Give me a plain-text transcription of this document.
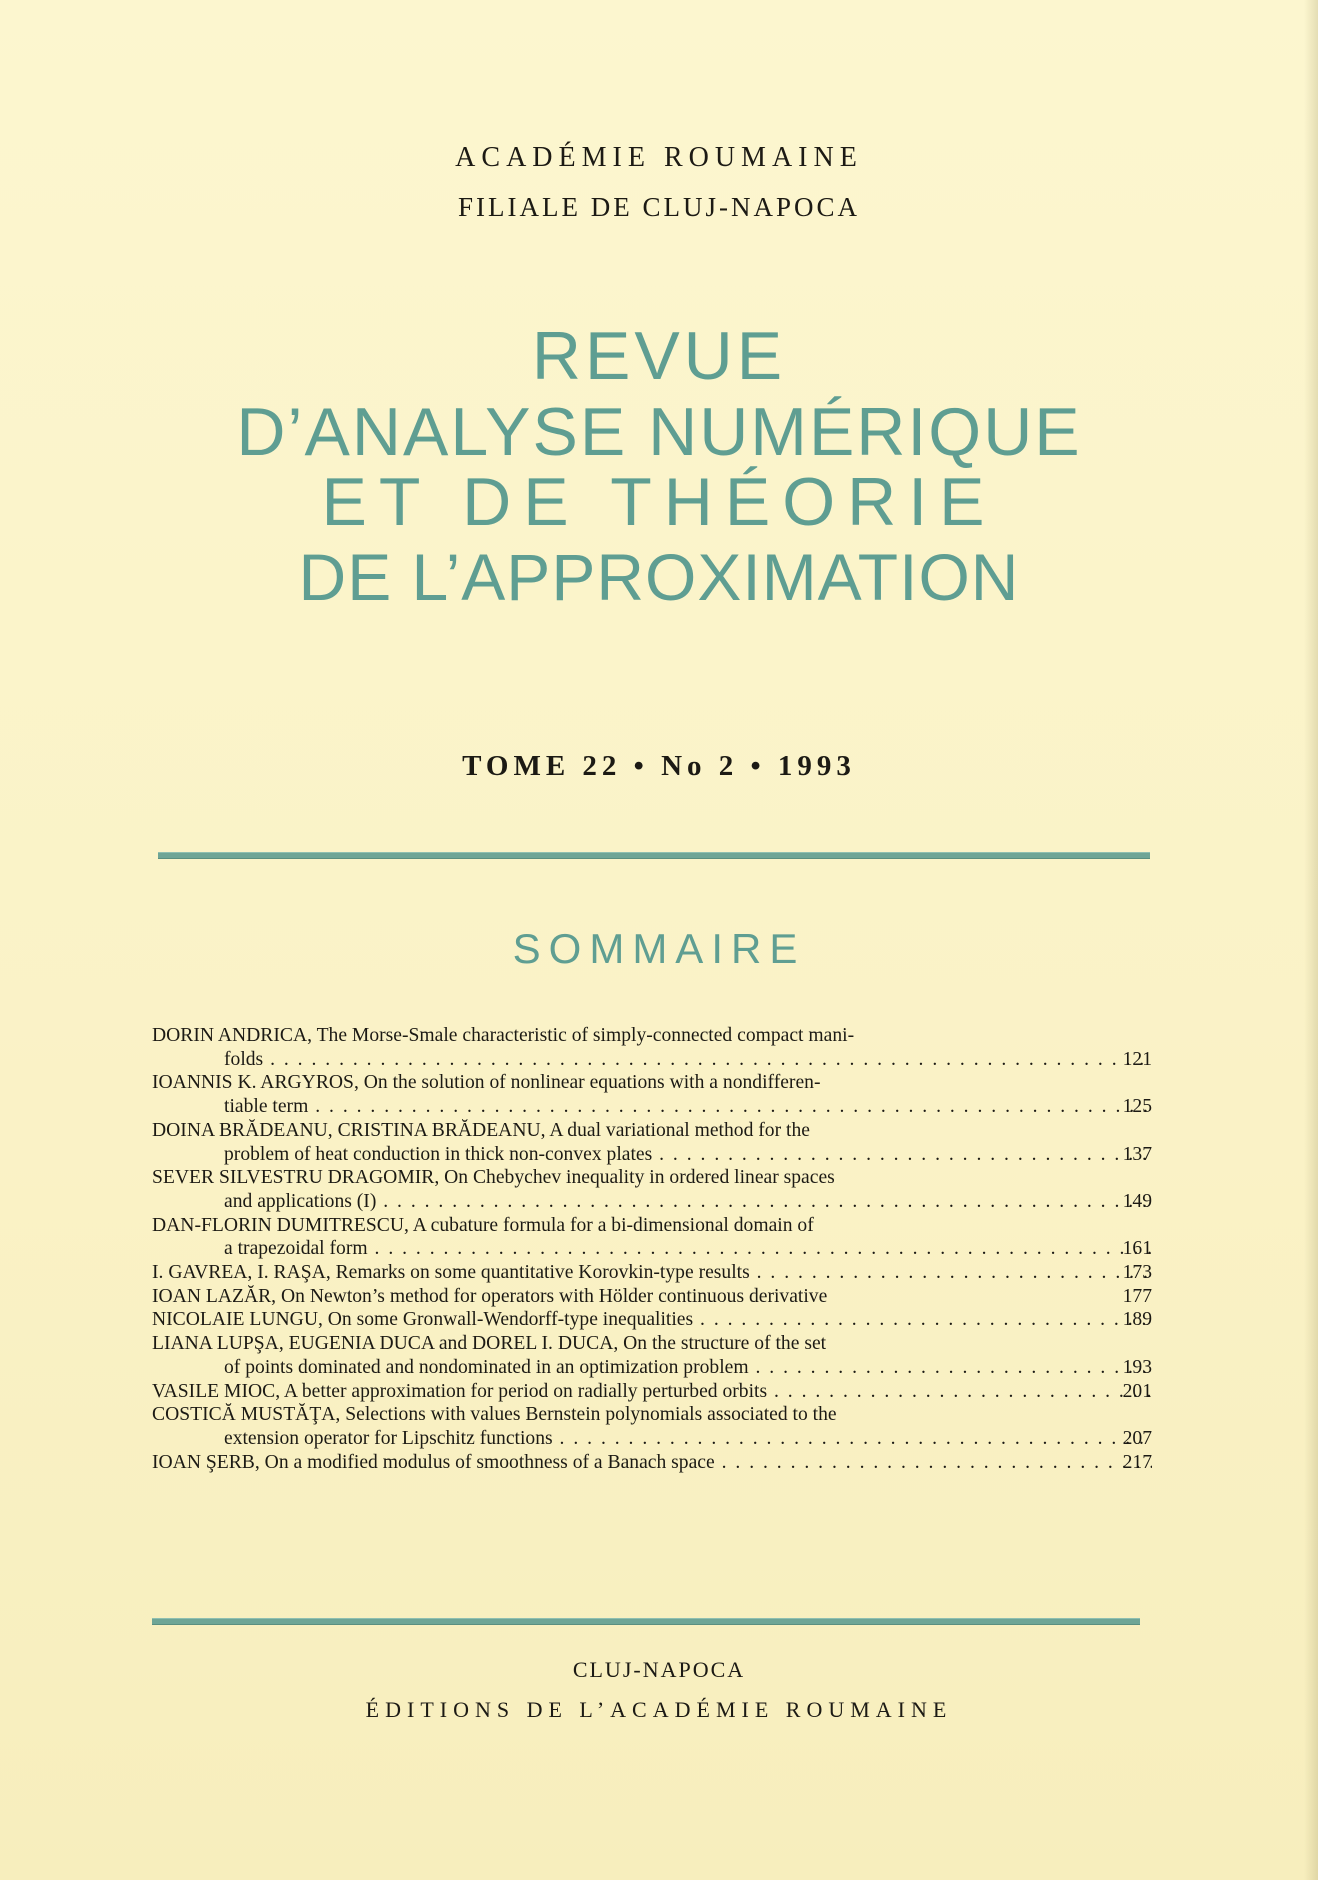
ACADÉMIE ROUMAINE
FILIALE DE CLUJ-NAPOCA
REVUE
D’ANALYSE NUMÉRIQUE
ET DE THÉORIE
DE L’APPROXIMATION
TOME 22 • No 2 • 1993
SOMMAIRE
DORIN ANDRICA, The Morse-Smale characteristic of simply-connected compact mani-
folds . . .	121
IOANNIS K. ARGYROS, On the solution of nonlinear equations with a nondifferen-
tiable term . . .	125
DOINA BRĂDEANU, CRISTINA BRĂDEANU, A dual variational method for the
problem of heat conduction in thick non-convex plates . . .	137
SEVER SILVESTRU DRAGOMIR, On Chebychev inequality in ordered linear spaces
and applications (I) . . .	149
DAN-FLORIN DUMITRESCU, A cubature formula for a bi-dimensional domain of
a trapezoidal form . . .	161
I. GAVREA, I. RAŞA, Remarks on some quantitative Korovkin-type results . . .	173
IOAN LAZĂR, On Newton’s method for operators with Hölder continuous derivative	177
NICOLAIE LUNGU, On some Gronwall-Wendorff-type inequalities . . .	189
LIANA LUPŞA, EUGENIA DUCA and DOREL I. DUCA, On the structure of the set
of points dominated and nondominated in an optimization problem . . .	193
VASILE MIOC, A better approximation for period on radially perturbed orbits . . .	201
COSTICĂ MUSTĂŢA, Selections with values Bernstein polynomials associated to the
extension operator for Lipschitz functions . . .	207
IOAN ŞERB, On a modified modulus of smoothness of a Banach space . . .	217
CLUJ-NAPOCA
ÉDITIONS DE L’ACADÉMIE ROUMAINE
